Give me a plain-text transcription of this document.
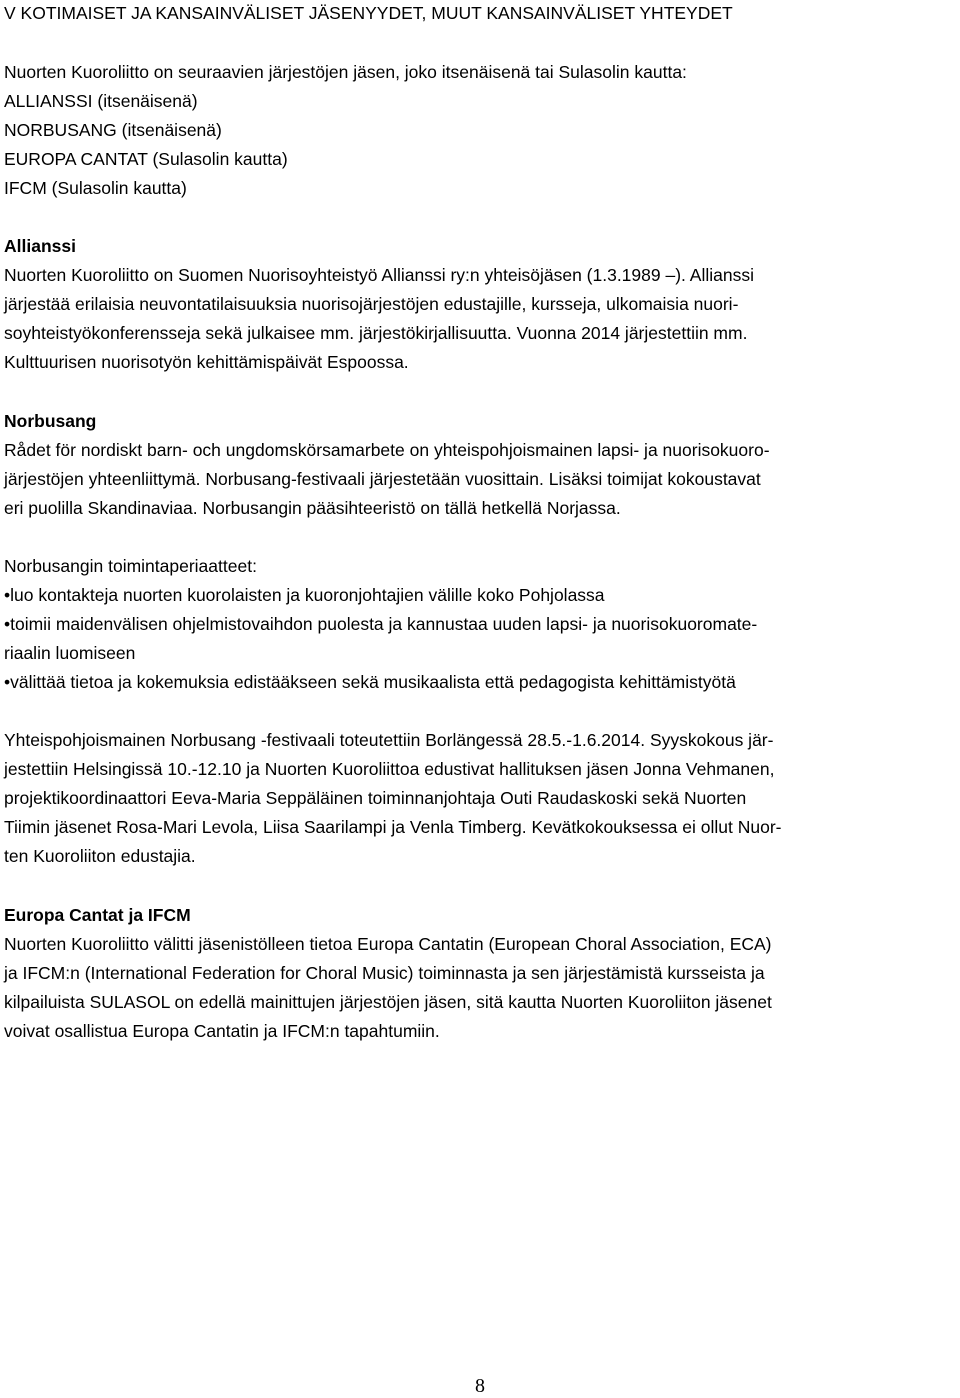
V KOTIMAISET JA KANSAINVÄLISET JÄSENYYDET, MUUT KANSAINVÄLISET YHTEYDET
Nuorten Kuoroliitto on seuraavien järjestöjen jäsen, joko itsenäisenä tai Sulasolin kautta:
ALLIANSSI (itsenäisenä)
NORBUSANG (itsenäisenä)
EUROPA CANTAT (Sulasolin kautta)
IFCM (Sulasolin kautta)
Allianssi
Nuorten Kuoroliitto on Suomen Nuorisoyhteistyö Allianssi ry:n yhteisöjäsen (1.3.1989 –). Allianssi
järjestää erilaisia neuvontatilaisuuksia nuorisojärjestöjen edustajille, kursseja, ulkomaisia nuori-
soyhteistyökonferensseja sekä julkaisee mm. järjestökirjallisuutta. Vuonna 2014 järjestettiin mm.
Kulttuurisen nuorisotyön kehittämispäivät Espoossa.
Norbusang
Rådet för nordiskt barn- och ungdomskörsamarbete on yhteispohjoismainen lapsi- ja nuorisokuoro-
järjestöjen yhteenliittymä. Norbusang-festivaali järjestetään vuosittain. Lisäksi toimijat kokoustavat
eri puolilla Skandinaviaa. Norbusangin pääsihteeristö on tällä hetkellä Norjassa.
Norbusangin toimintaperiaatteet:
•luo kontakteja nuorten kuorolaisten ja kuoronjohtajien välille koko Pohjolassa
•toimii maidenvälisen ohjelmistovaihdon puolesta ja kannustaa uuden lapsi- ja nuorisokuoromate-
riaalin luomiseen
•välittää tietoa ja kokemuksia edistääkseen sekä musikaalista että pedagogista kehittämistyötä
Yhteispohjoismainen Norbusang -festivaali toteutettiin Borlängessä 28.5.-1.6.2014. Syyskokous jär-
jestettiin Helsingissä 10.-12.10 ja Nuorten Kuoroliittoa edustivat hallituksen jäsen Jonna Vehmanen,
projektikoordinaattori Eeva-Maria Seppäläinen toiminnanjohtaja Outi Raudaskoski sekä Nuorten
Tiimin jäsenet Rosa-Mari Levola, Liisa Saarilampi ja Venla Timberg. Kevätkokouksessa ei ollut Nuor-
ten Kuoroliiton edustajia.
Europa Cantat ja IFCM
Nuorten Kuoroliitto välitti jäsenistölleen tietoa Europa Cantatin (European Choral Association, ECA)
ja IFCM:n (International Federation for Choral Music) toiminnasta ja sen järjestämistä kursseista ja
kilpailuista SULASOL on edellä mainittujen järjestöjen jäsen, sitä kautta Nuorten Kuoroliiton jäsenet
voivat osallistua Europa Cantatin ja IFCM:n tapahtumiin.
8
